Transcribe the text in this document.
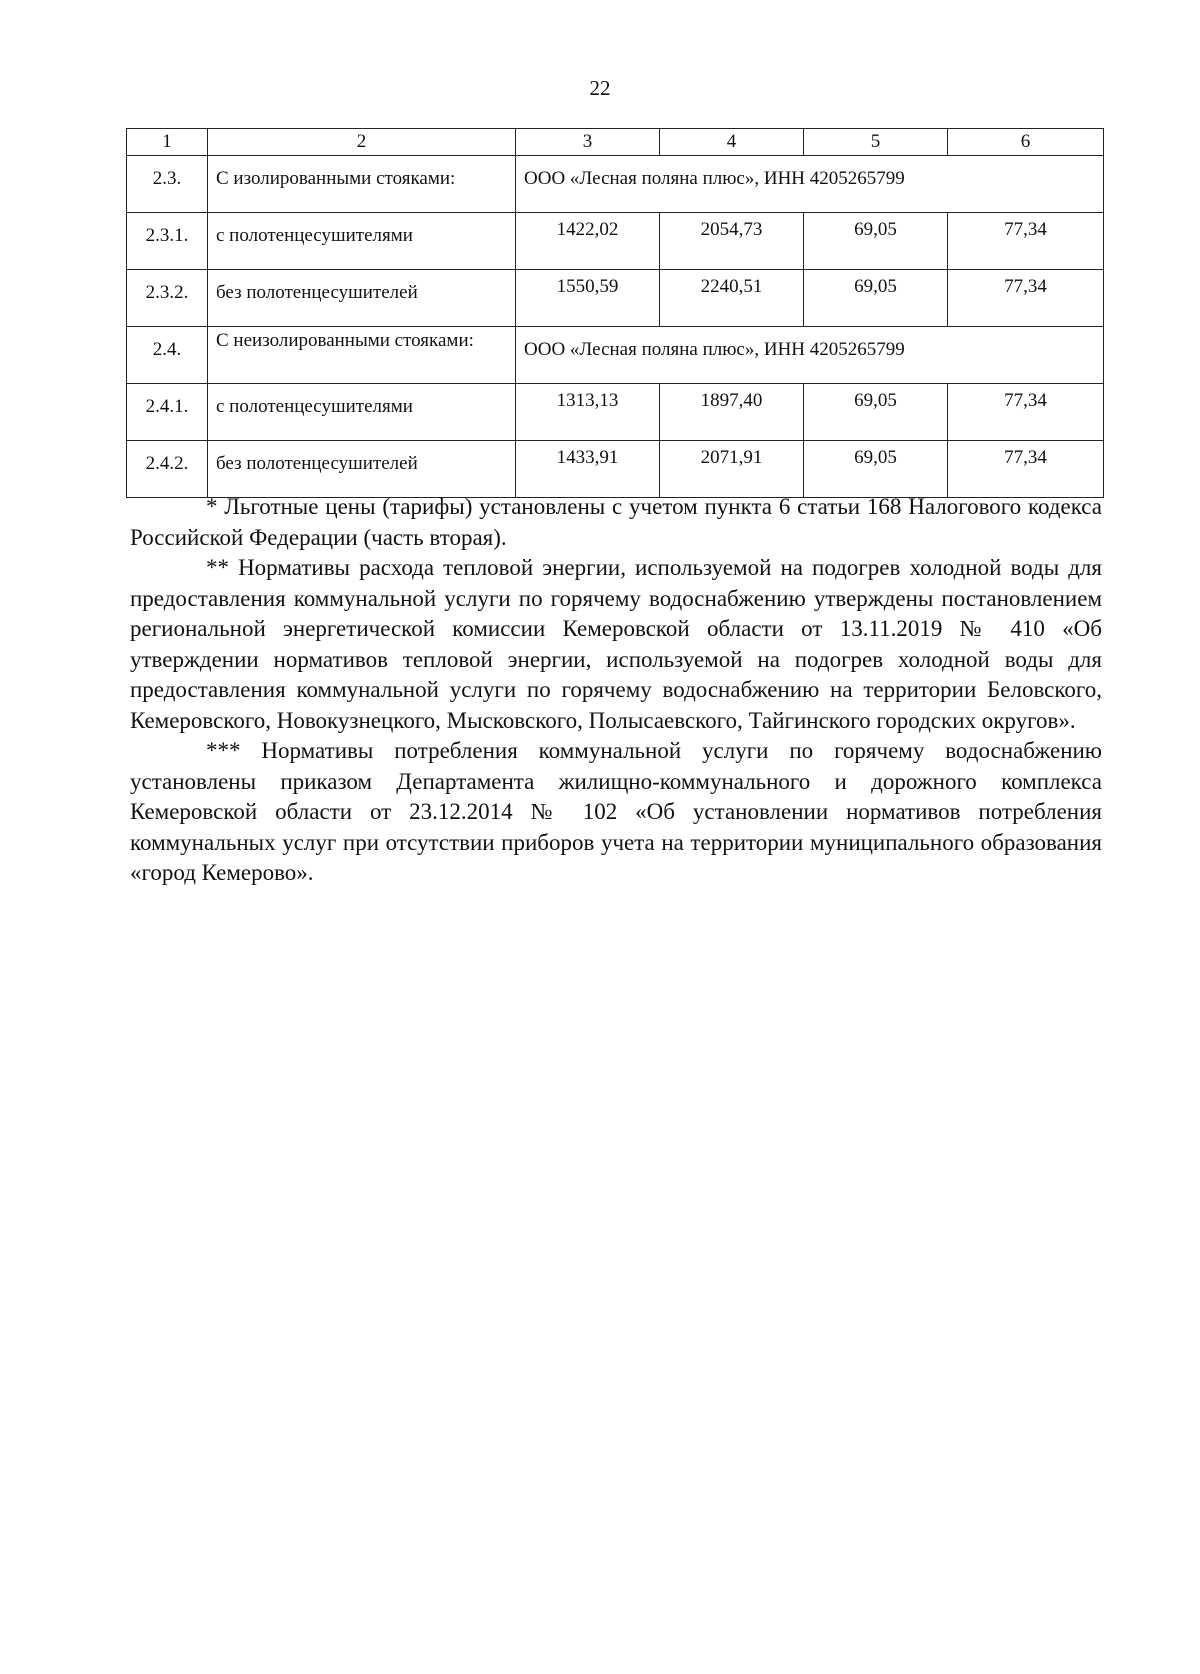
22
1	2	3	4	5	6
2.3.	С изолированными стояками:	ООО «Лесная поляна плюс», ИНН 4205265799			
2.3.1.	с полотенцесушителями	1422,02	2054,73	69,05	77,34
2.3.2.	без полотенцесушителей	1550,59	2240,51	69,05	77,34
2.4.	С неизолированными стояками:	ООО «Лесная поляна плюс», ИНН 4205265799			
2.4.1.	с полотенцесушителями	1313,13	1897,40	69,05	77,34
2.4.2.	без полотенцесушителей	1433,91	2071,91	69,05	77,34

* Льготные цены (тарифы) установлены с учетом пункта 6 статьи 168 Налогового кодекса Российской Федерации (часть вторая).

** Нормативы расхода тепловой энергии, используемой на подогрев холодной воды для предоставления коммунальной услуги по горячему водоснабжению утверждены постановлением региональной энергетической комиссии Кемеровской области от 13.11.2019 № 410 «Об утверждении нормативов тепловой энергии, используемой на подогрев холодной воды для предоставления коммунальной услуги по горячему водоснабжению на территории Беловского, Кемеровского, Новокузнецкого, Мысковского, Полысаевского, Тайгинского городских округов».

*** Нормативы потребления коммунальной услуги по горячему водоснабжению установлены приказом Департамента жилищно-коммунального и дорожного комплекса Кемеровской области от 23.12.2014 № 102 «Об установлении нормативов потребления коммунальных услуг при отсутствии приборов учета на территории муниципального образования «город Кемерово».
